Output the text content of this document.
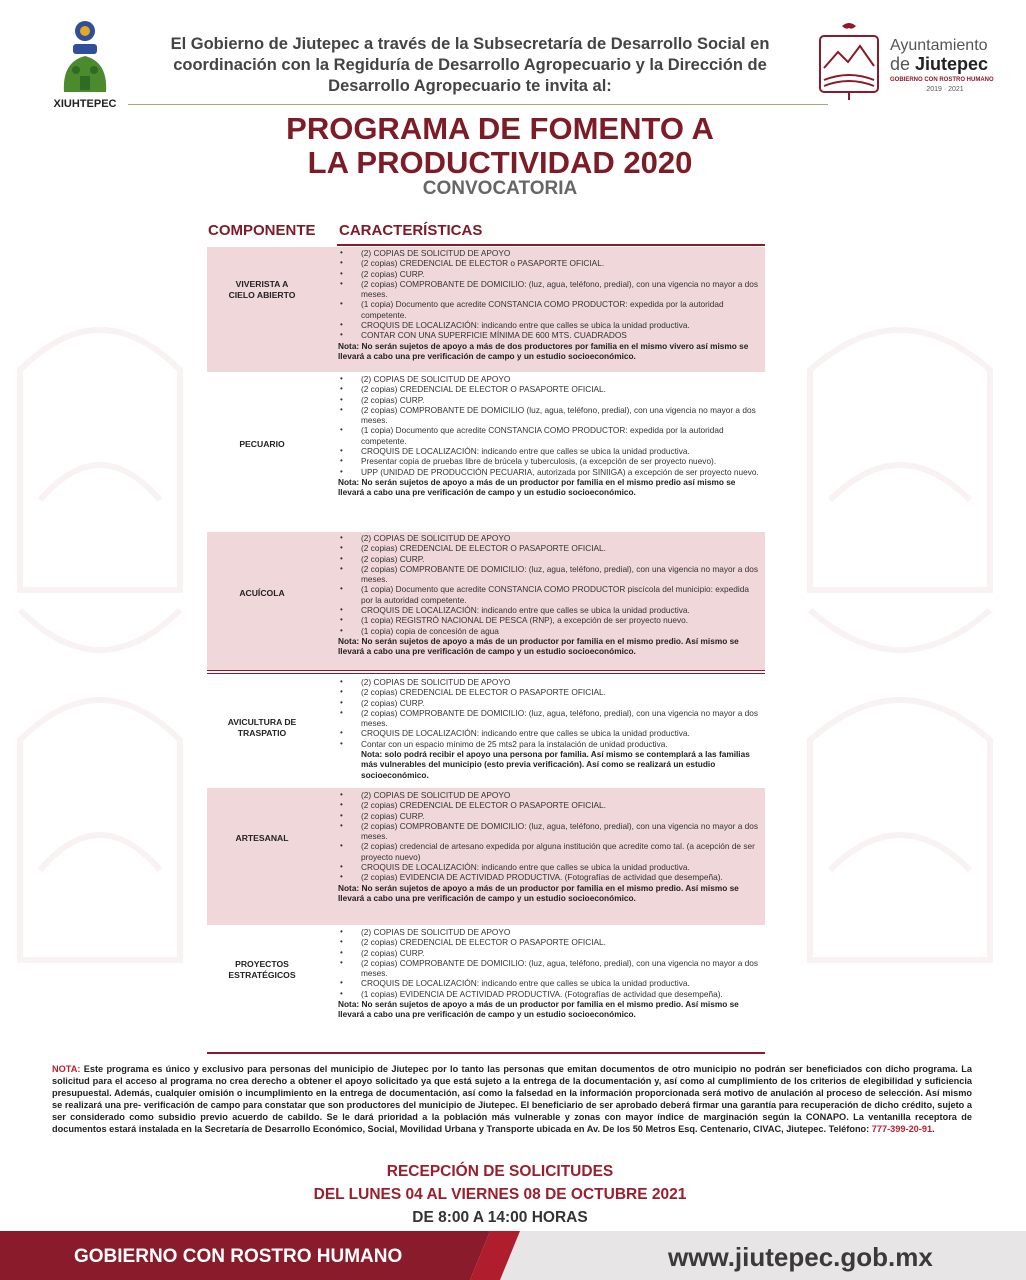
XIUHTEPEC
El Gobierno de Jiutepec a través de la Subsecretaría de Desarrollo Social en
coordinación con la Regiduría de Desarrollo Agropecuario y la Dirección de
Desarrollo Agropecuario te invita al:
Ayuntamiento
de Jiutepec
GOBIERNO CON ROSTRO HUMANO
2019 · 2021
PROGRAMA DE FOMENTO A
LA PRODUCTIVIDAD 2020
CONVOCATORIA
COMPONENTE CARACTERÍSTICAS
VIVERISTA A
CIELO ABIERTO
• (2) COPIAS DE SOLICITUD DE APOYO
• (2 copias) CREDENCIAL DE ELECTOR o PASAPORTE OFICIAL.
• (2 copias) CURP.
• (2 copias) COMPROBANTE DE DOMICILIO: (luz, agua, teléfono, predial), con una vigencia no mayor a dos meses.
• (1 copia) Documento que acredite CONSTANCIA COMO PRODUCTOR: expedida por la autoridad competente.
• CROQUIS DE LOCALIZACIÓN: indicando entre que calles se ubica la unidad productiva.
• CONTAR CON UNA SUPERFICIE MÍNIMA DE 600 MTS. CUADRADOS
Nota: No serán sujetos de apoyo a más de dos productores por familia en el mismo vivero así mismo se llevará a cabo una pre verificación de campo y un estudio socioeconómico.
PECUARIO
• (2) COPIAS DE SOLICITUD DE APOYO
• (2 copias) CREDENCIAL DE ELECTOR O PASAPORTE OFICIAL.
• (2 copias) CURP.
• (2 copias) COMPROBANTE DE DOMICILIO (luz, agua, teléfono, predial), con una vigencia no mayor a dos meses.
• (1 copia) Documento que acredite CONSTANCIA COMO PRODUCTOR: expedida por la autoridad competente.
• CROQUIS DE LOCALIZACIÓN: indicando entre que calles se ubica la unidad productiva.
• Presentar copia de pruebas libre de brúcela y tuberculosis, (a excepción de ser proyecto nuevo).
• UPP (UNIDAD DE PRODUCCIÓN PECUARIA, autorizada por SINIIGA) a excepción de ser proyecto nuevo.
Nota: No serán sujetos de apoyo a más de un productor por familia en el mismo predio así mismo se llevará a cabo una pre verificación de campo y un estudio socioeconómico.
ACUÍCOLA
• (2) COPIAS DE SOLICITUD DE APOYO
• (2 copias) CREDENCIAL DE ELECTOR O PASAPORTE OFICIAL.
• (2 copias) CURP.
• (2 copias) COMPROBANTE DE DOMICILIO: (luz, agua, teléfono, predial), con una vigencia no mayor a dos meses.
• (1 copia) Documento que acredite CONSTANCIA COMO PRODUCTOR piscícola del municipio: expedida por la autoridad competente.
• CROQUIS DE LOCALIZACIÓN: indicando entre que calles se ubica la unidad productiva.
• (1 copia) REGISTRÓ NACIONAL DE PESCA (RNP), a excepción de ser proyecto nuevo.
• (1 copia) copia de concesión de agua
Nota: No serán sujetos de apoyo a más de un productor por familia en el mismo predio. Así mismo se llevará a cabo una pre verificación de campo y un estudio socioeconómico.
AVICULTURA DE
TRASPATIO
• (2) COPIAS DE SOLICITUD DE APOYO
• (2 copias) CREDENCIAL DE ELECTOR O PASAPORTE OFICIAL.
• (2 copias) CURP.
• (2 copias) COMPROBANTE DE DOMICILIO: (luz, agua, teléfono, predial), con una vigencia no mayor a dos meses.
• CROQUIS DE LOCALIZACIÓN: indicando entre que calles se ubica la unidad productiva.
• Contar con un espacio mínimo de 25 mts2 para la instalación de unidad productiva.
Nota: solo podrá recibir el apoyo una persona por familia. Así mismo se contemplará a las familias más vulnerables del municipio (esto previa verificación). Así como se realizará un estudio socioeconómico.
ARTESANAL
• (2) COPIAS DE SOLICITUD DE APOYO
• (2 copias) CREDENCIAL DE ELECTOR O PASAPORTE OFICIAL.
• (2 copias) CURP.
• (2 copias) COMPROBANTE DE DOMICILIO: (luz, agua, teléfono, predial), con una vigencia no mayor a dos meses.
• (2 copias) credencial de artesano expedida por alguna institución que acredite como tal. (a acepción de ser proyecto nuevo)
• CROQUIS DE LOCALIZACIÓN: indicando entre que calles se ubica la unidad productiva.
• (2 copias) EVIDENCIA DE ACTIVIDAD PRODUCTIVA. (Fotografías de actividad que desempeña).
Nota: No serán sujetos de apoyo a más de un productor por familia en el mismo predio. Así mismo se llevará a cabo una pre verificación de campo y un estudio socioeconómico.
PROYECTOS
ESTRATÉGICOS
• (2) COPIAS DE SOLICITUD DE APOYO
• (2 copias) CREDENCIAL DE ELECTOR O PASAPORTE OFICIAL.
• (2 copias) CURP.
• (2 copias) COMPROBANTE DE DOMICILIO: (luz, agua, teléfono, predial), con una vigencia no mayor a dos meses.
• CROQUIS DE LOCALIZACIÓN: indicando entre que calles se ubica la unidad productiva.
• (1 copias) EVIDENCIA DE ACTIVIDAD PRODUCTIVA. (Fotografías de actividad que desempeña).
Nota: No serán sujetos de apoyo a más de un productor por familia en el mismo predio. Así mismo se llevará a cabo una pre verificación de campo y un estudio socioeconómico.
NOTA: Este programa es único y exclusivo para personas del municipio de Jiutepec por lo tanto las personas que emitan documentos de otro municipio no podrán ser beneficiados con dicho programa. La solicitud para el acceso al programa no crea derecho a obtener el apoyo solicitado ya que está sujeto a la entrega de la documentación y, así como al cumplimiento de los criterios de elegibilidad y suficiencia presupuestal. Además, cualquier omisión o incumplimiento en la entrega de documentación, así como la falsedad en la información proporcionada será motivo de anulación al proceso de selección. Así mismo se realizará una pre- verificación de campo para constatar que son productores del municipio de Jiutepec. El beneficiario de ser aprobado deberá firmar una garantía para recuperación de dicho crédito, sujeto a ser considerado como subsidio previo acuerdo de cabildo. Se le dará prioridad a la población más vulnerable y zonas con mayor índice de marginación según la CONAPO. La ventanilla receptora de documentos estará instalada en la Secretaría de Desarrollo Económico, Social, Movilidad Urbana y Transporte ubicada en Av. De los 50 Metros Esq. Centenario, CIVAC, Jiutepec. Teléfono: 777-399-20-91.
RECEPCIÓN DE SOLICITUDES
DEL LUNES 04 AL VIERNES 08 DE OCTUBRE 2021
DE 8:00 A 14:00 HORAS
GOBIERNO CON ROSTRO HUMANO	www.jiutepec.gob.mx
